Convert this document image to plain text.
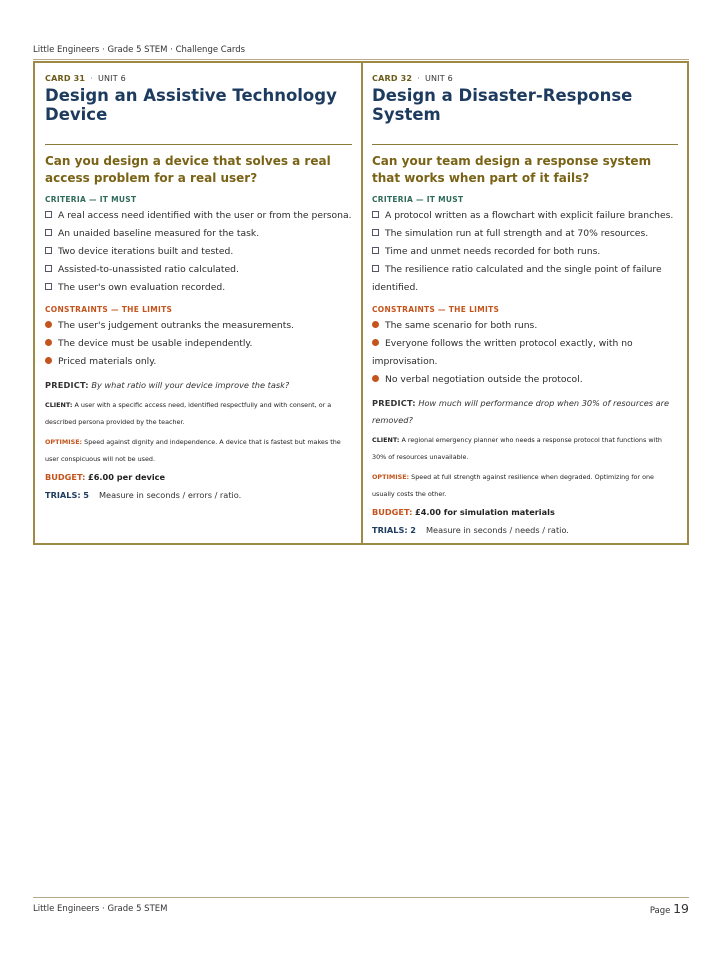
Little Engineers · Grade 5 STEM · Challenge Cards
CARD 31 · UNIT 6
Design an Assistive Technology Device
Can you design a device that solves a real access problem for a real user?
CRITERIA — IT MUST
A real access need identified with the user or from the persona.
An unaided baseline measured for the task.
Two device iterations built and tested.
Assisted-to-unassisted ratio calculated.
The user's own evaluation recorded.
CONSTRAINTS — THE LIMITS
The user's judgement outranks the measurements.
The device must be usable independently.
Priced materials only.
PREDICT: By what ratio will your device improve the task?
CLIENT: A user with a specific access need, identified respectfully and with consent, or a described persona provided by the teacher.
OPTIMISE: Speed against dignity and independence. A device that is fastest but makes the user conspicuous will not be used.
BUDGET: £6.00 per device
TRIALS: 5 Measure in seconds / errors / ratio.
CARD 32 · UNIT 6
Design a Disaster-Response System
Can your team design a response system that works when part of it fails?
CRITERIA — IT MUST
A protocol written as a flowchart with explicit failure branches.
The simulation run at full strength and at 70% resources.
Time and unmet needs recorded for both runs.
The resilience ratio calculated and the single point of failure identified.
CONSTRAINTS — THE LIMITS
The same scenario for both runs.
Everyone follows the written protocol exactly, with no improvisation.
No verbal negotiation outside the protocol.
PREDICT: How much will performance drop when 30% of resources are removed?
CLIENT: A regional emergency planner who needs a response protocol that functions with 30% of resources unavailable.
OPTIMISE: Speed at full strength against resilience when degraded. Optimizing for one usually costs the other.
BUDGET: £4.00 for simulation materials
TRIALS: 2 Measure in seconds / needs / ratio.
Little Engineers · Grade 5 STEM	Page 19
